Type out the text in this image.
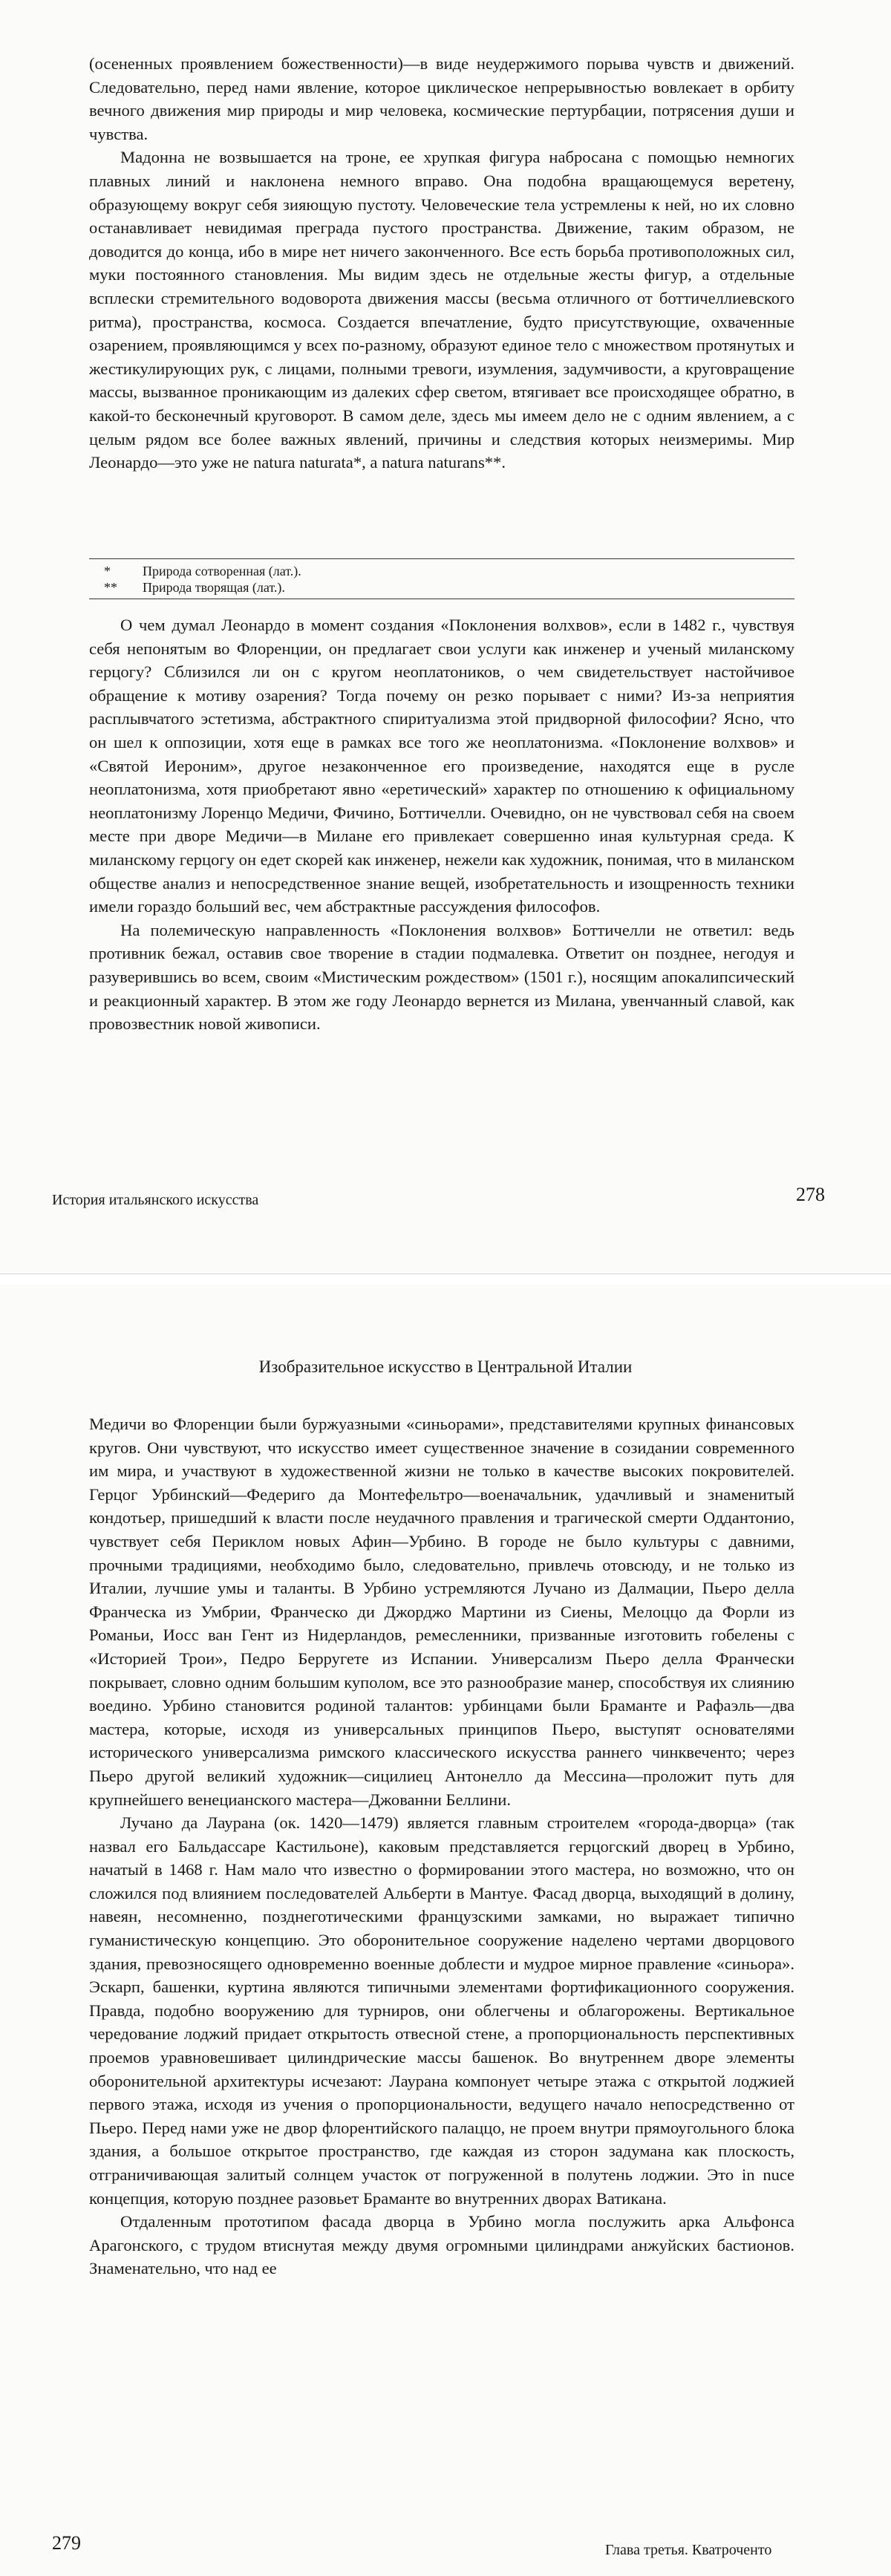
(осененных проявлением божественности)—в виде неудержимого порыва чувств и движений. Следовательно, перед нами явление, которое циклическое непрерывностью вовлекает в орбиту вечного движения мир природы и мир человека, космические пертурбации, потрясения души и чувства.

Мадонна не возвышается на троне, ее хрупкая фигура набросана с помощью немногих плавных линий и наклонена немного вправо. Она подобна вращающемуся веретену, образующему вокруг себя зияющую пустоту. Человеческие тела устремлены к ней, но их словно останавливает невидимая преграда пустого пространства. Движение, таким образом, не доводится до конца, ибо в мире нет ничего законченного. Все есть борьба противоположных сил, муки постоянного становления. Мы видим здесь не отдельные жесты фигур, а отдельные всплески стремительного водоворота движения массы (весьма отличного от боттичеллиевского ритма), пространства, космоса. Создается впечатление, будто присутствующие, охваченные озарением, проявляющимся у всех по-разному, образуют единое тело с множеством протянутых и жестикулирующих рук, с лицами, полными тревоги, изумления, задумчивости, а круговращение массы, вызванное проникающим из далеких сфер светом, втягивает все происходящее обратно, в какой-то бесконечный круговорот. В самом деле, здесь мы имеем дело не с одним явлением, а с целым рядом все более важных явлений, причины и следствия которых неизмеримы. Мир Леонардо—это уже не natura naturata*, а natura naturans**.

*	Природа сотворенная (лат.).
**	Природа творящая (лат.).

О чем думал Леонардо в момент создания «Поклонения волхвов», если в 1482 г., чувствуя себя непонятым во Флоренции, он предлагает свои услуги как инженер и ученый миланскому герцогу? Сблизился ли он с кругом неоплатоников, о чем свидетельствует настойчивое обращение к мотиву озарения? Тогда почему он резко порывает с ними? Из-за неприятия расплывчатого эстетизма, абстрактного спиритуализма этой придворной философии? Ясно, что он шел к оппозиции, хотя еще в рамках все того же неоплатонизма. «Поклонение волхвов» и «Святой Иероним», другое незаконченное его произведение, находятся еще в русле неоплатонизма, хотя приобретают явно «еретический» характер по отношению к официальному неоплатонизму Лоренцо Медичи, Фичино, Боттичелли. Очевидно, он не чувствовал себя на своем месте при дворе Медичи—в Милане его привлекает совершенно иная культурная среда. К миланскому герцогу он едет скорей как инженер, нежели как художник, понимая, что в миланском обществе анализ и непосредственное знание вещей, изобретательность и изощренность техники имели гораздо больший вес, чем абстрактные рассуждения философов.

На полемическую направленность «Поклонения волхвов» Боттичелли не ответил: ведь противник бежал, оставив свое творение в стадии подмалевка. Ответит он позднее, негодуя и разуверившись во всем, своим «Мистическим рождеством» (1501 г.), носящим апокалипсический и реакционный характер. В этом же году Леонардо вернется из Милана, увенчанный славой, как провозвестник новой живописи.

История итальянского искусства	278
Изобразительное искусство в Центральной Италии

Медичи во Флоренции были буржуазными «синьорами», представителями крупных финансовых кругов. Они чувствуют, что искусство имеет существенное значение в созидании современного им мира, и участвуют в художественной жизни не только в качестве высоких покровителей. Герцог Урбинский—Федериго да Монтефельтро—военачальник, удачливый и знаменитый кондотьер, пришедший к власти после неудачного правления и трагической смерти Оддантонио, чувствует себя Периклом новых Афин—Урбино. В городе не было культуры с давними, прочными традициями, необходимо было, следовательно, привлечь отовсюду, и не только из Италии, лучшие умы и таланты. В Урбино устремляются Лучано из Далмации, Пьеро делла Франческа из Умбрии, Франческо ди Джорджо Мартини из Сиены, Мелоццо да Форли из Романьи, Иосс ван Гент из Нидерландов, ремесленники, призванные изготовить гобелены с «Историей Трои», Педро Берругете из Испании. Универсализм Пьеро делла Франчески покрывает, словно одним большим куполом, все это разнообразие манер, способствуя их слиянию воедино. Урбино становится родиной талантов: урбинцами были Браманте и Рафаэль—два мастера, которые, исходя из универсальных принципов Пьеро, выступят основателями исторического универсализма римского классического искусства раннего чинквеченто; через Пьеро другой великий художник—сицилиец Антонелло да Мессина—проложит путь для крупнейшего венецианского мастера—Джованни Беллини.

Лучано да Лаурана (ок. 1420—1479) является главным строителем «города-дворца» (так назвал его Бальдассаре Кастильоне), каковым представляется герцогский дворец в Урбино, начатый в 1468 г. Нам мало что известно о формировании этого мастера, но возможно, что он сложился под влиянием последователей Альберти в Мантуе. Фасад дворца, выходящий в долину, навеян, несомненно, позднеготическими французскими замками, но выражает типично гуманистическую концепцию. Это оборонительное сооружение наделено чертами дворцового здания, превозносящего одновременно военные доблести и мудрое мирное правление «синьора». Эскарп, башенки, куртина являются типичными элементами фортификационного сооружения. Правда, подобно вооружению для турниров, они облегчены и облагорожены. Вертикальное чередование лоджий придает открытость отвесной стене, а пропорциональность перспективных проемов уравновешивает цилиндрические массы башенок. Во внутреннем дворе элементы оборонительной архитектуры исчезают: Лаурана компонует четыре этажа с открытой лоджией первого этажа, исходя из учения о пропорциональности, ведущего начало непосредственно от Пьеро. Перед нами уже не двор флорентийского палаццо, не проем внутри прямоугольного блока здания, а большое открытое пространство, где каждая из сторон задумана как плоскость, отграничивающая залитый солнцем участок от погруженной в полутень лоджии. Это in nuce концепция, которую позднее разовьет Браманте во внутренних дворах Ватикана.

Отдаленным прототипом фасада дворца в Урбино могла послужить арка Альфонса Арагонского, с трудом втиснутая между двумя огромными цилиндрами анжуйских бастионов. Знаменательно, что над ее

279	Глава третья. Кватроченто
